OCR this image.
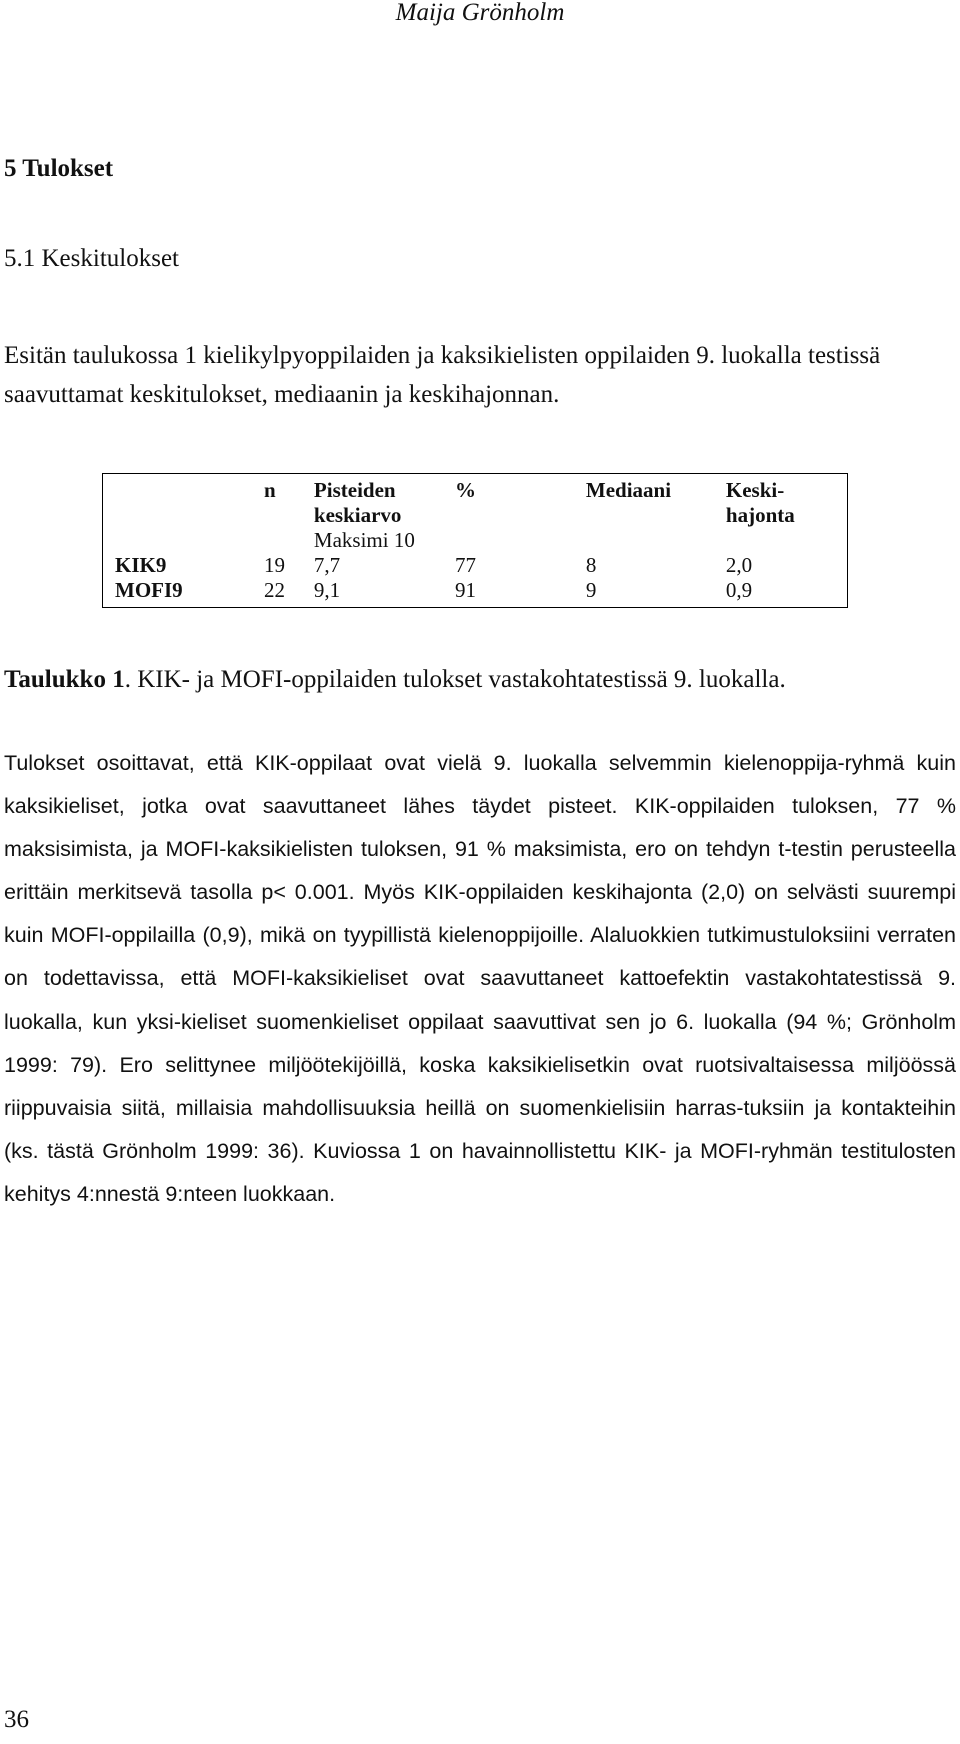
Maija Grönholm
5 Tulokset
5.1 Keskitulokset

Esitän taulukossa 1 kielikylpyoppilaiden ja kaksikielisten oppilaiden 9. luokalla testissä saavuttamat keskitulokset, mediaanin ja keskihajonnan.

	n	Pisteiden	%	Mediaani	Keski-
		keskiarvo			hajonta
		Maksimi 10			
KIK9	19	7,7	77	8	2,0
MOFI9	22	9,1	91	9	0,9

Taulukko 1. KIK- ja MOFI-oppilaiden tulokset vastakohtatestissä 9. luokalla.

Tulokset osoittavat, että KIK-oppilaat ovat vielä 9. luokalla selvemmin kielenoppija-ryhmä kuin kaksikieliset, jotka ovat saavuttaneet lähes täydet pisteet. KIK-oppilaiden tuloksen, 77 % maksisimista, ja MOFI-kaksikielisten tuloksen, 91 % maksimista, ero on tehdyn t-testin perusteella erittäin merkitsevä tasolla p< 0.001. Myös KIK-oppilaiden keskihajonta (2,0) on selvästi suurempi kuin MOFI-oppilailla (0,9), mikä on tyypillistä kielenoppijoille. Alaluokkien tutkimustuloksiini verraten on todettavissa, että MOFI-kaksikieliset ovat saavuttaneet kattoefektin vastakohtatestissä 9. luokalla, kun yksi-kieliset suomenkieliset oppilaat saavuttivat sen jo 6. luokalla (94 %; Grönholm 1999: 79). Ero selittynee miljöötekijöillä, koska kaksikielisetkin ovat ruotsivaltaisessa miljöössä riippuvaisia siitä, millaisia mahdollisuuksia heillä on suomenkielisiin harras-tuksiin ja kontakteihin (ks. tästä Grönholm 1999: 36). Kuviossa 1 on havainnollistettu KIK- ja MOFI-ryhmän testitulosten kehitys 4:nnestä 9:nteen luokkaan.

36
